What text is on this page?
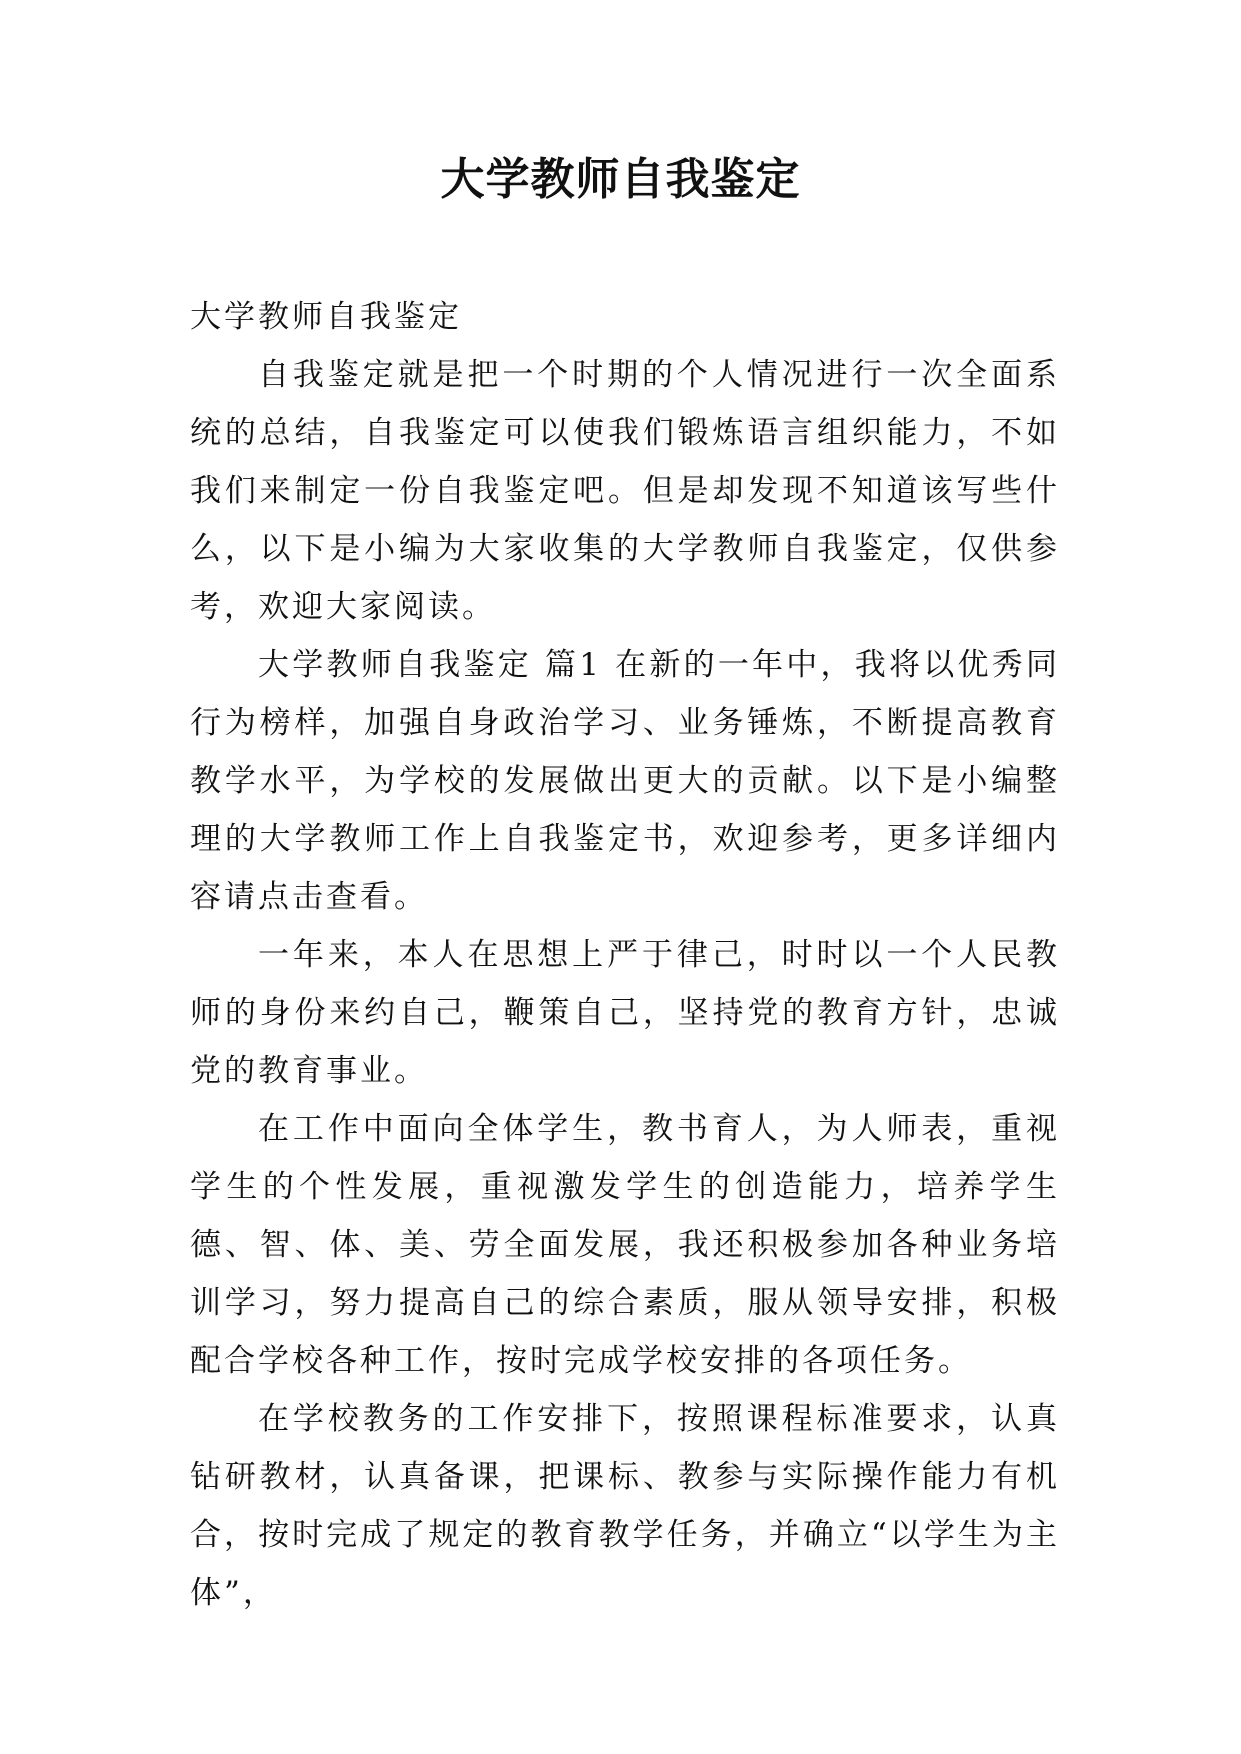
大学教师自我鉴定

大学教师自我鉴定

自我鉴定就是把一个时期的个人情况进行一次全面系统的总结，自我鉴定可以使我们锻炼语言组织能力，不如我们来制定一份自我鉴定吧。但是却发现不知道该写些什么，以下是小编为大家收集的大学教师自我鉴定，仅供参考，欢迎大家阅读。

大学教师自我鉴定 篇1 在新的一年中，我将以优秀同行为榜样，加强自身政治学习、业务锤炼，不断提高教育教学水平，为学校的发展做出更大的贡献。以下是小编整理的大学教师工作上自我鉴定书，欢迎参考，更多详细内容请点击查看。

一年来，本人在思想上严于律己，时时以一个人民教师的身份来约自己，鞭策自己，坚持党的教育方针，忠诚党的教育事业。

在工作中面向全体学生，教书育人，为人师表，重视学生的个性发展，重视激发学生的创造能力，培养学生德、智、体、美、劳全面发展，我还积极参加各种业务培训学习，努力提高自己的综合素质，服从领导安排，积极配合学校各种工作，按时完成学校安排的各项任务。

在学校教务的工作安排下，按照课程标准要求，认真钻研教材，认真备课，把课标、教参与实际操作能力有机合，按时完成了规定的教育教学任务，并确立“以学生为主体”，
